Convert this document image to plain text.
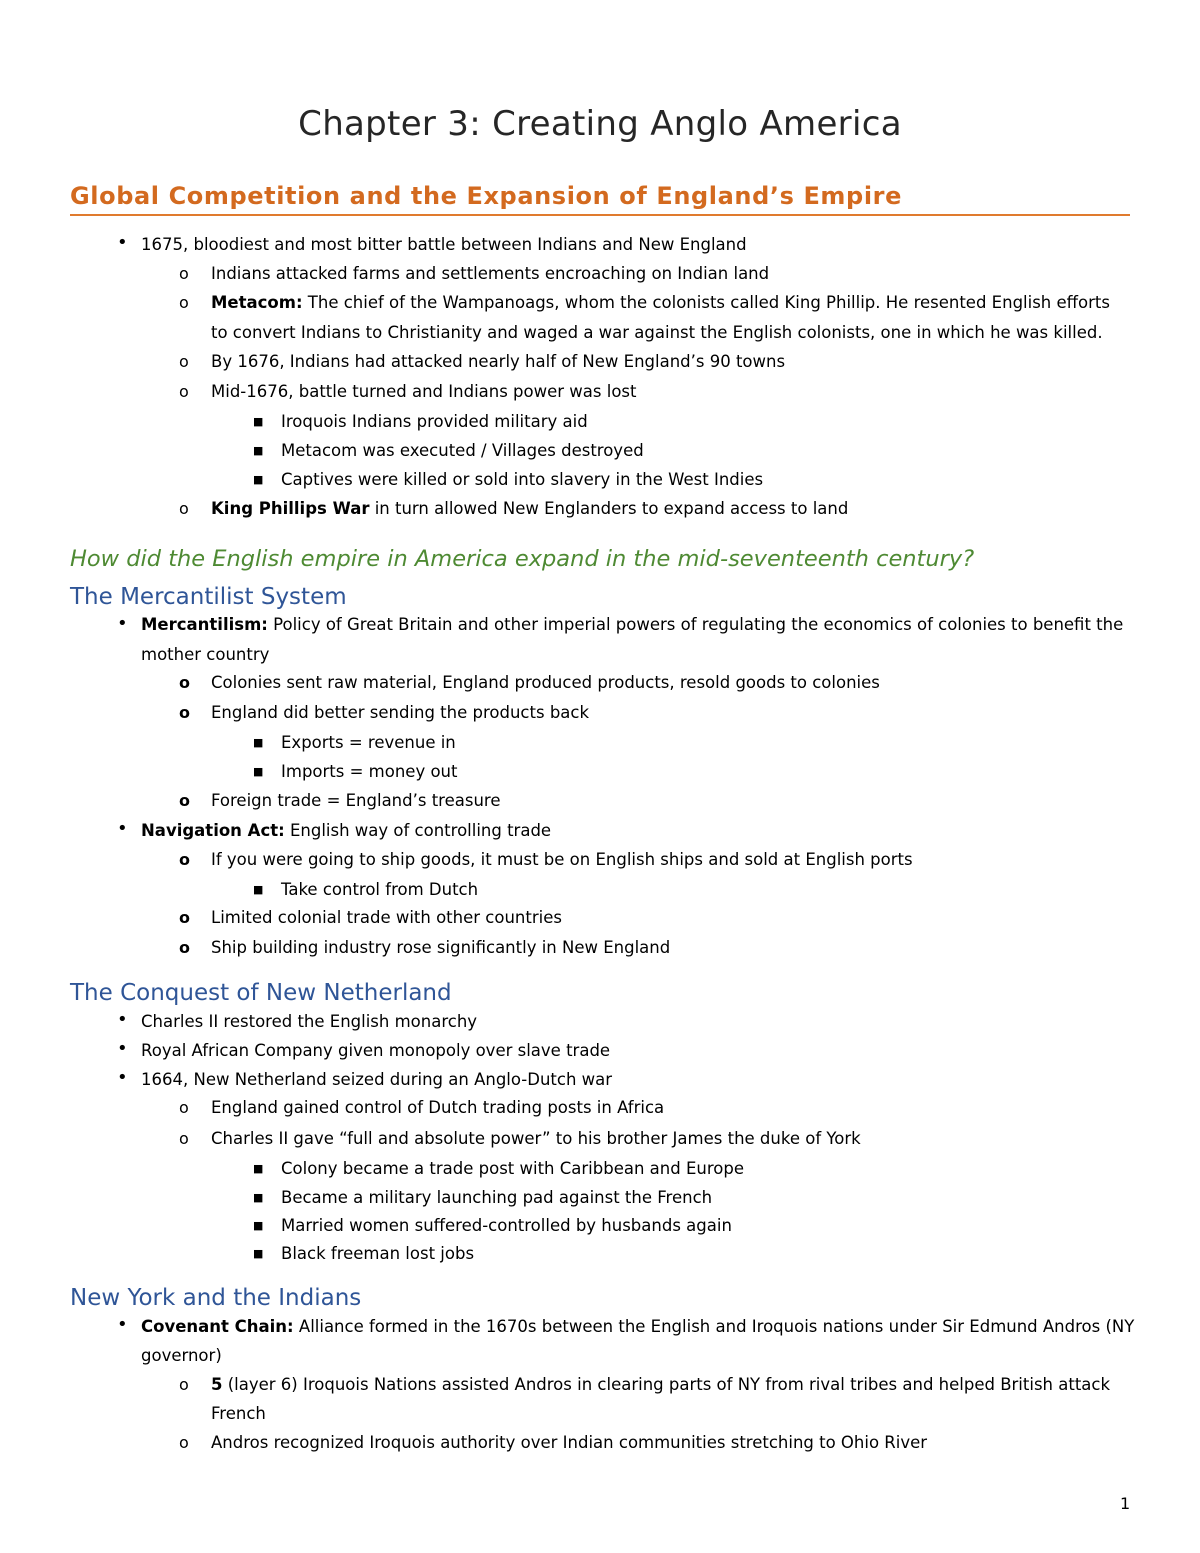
Chapter 3: Creating Anglo America
Global Competition and the Expansion of England’s Empire
• 1675, bloodiest and most bitter battle between Indians and New England
o Indians attacked farms and settlements encroaching on Indian land
o Metacom: The chief of the Wampanoags, whom the colonists called King Phillip. He resented English efforts
to convert Indians to Christianity and waged a war against the English colonists, one in which he was killed.
o By 1676, Indians had attacked nearly half of New England’s 90 towns
o Mid-1676, battle turned and Indians power was lost
■ Iroquois Indians provided military aid
■ Metacom was executed / Villages destroyed
■ Captives were killed or sold into slavery in the West Indies
o King Phillips War in turn allowed New Englanders to expand access to land
How did the English empire in America expand in the mid-seventeenth century?
The Mercantilist System
• Mercantilism: Policy of Great Britain and other imperial powers of regulating the economics of colonies to benefit the
mother country
o Colonies sent raw material, England produced products, resold goods to colonies
o England did better sending the products back
■ Exports = revenue in
■ Imports = money out
o Foreign trade = England’s treasure
• Navigation Act: English way of controlling trade
o If you were going to ship goods, it must be on English ships and sold at English ports
■ Take control from Dutch
o Limited colonial trade with other countries
o Ship building industry rose significantly in New England
The Conquest of New Netherland
• Charles II restored the English monarchy
• Royal African Company given monopoly over slave trade
• 1664, New Netherland seized during an Anglo-Dutch war
o England gained control of Dutch trading posts in Africa
o Charles II gave “full and absolute power” to his brother James the duke of York
■ Colony became a trade post with Caribbean and Europe
■ Became a military launching pad against the French
■ Married women suffered-controlled by husbands again
■ Black freeman lost jobs
New York and the Indians
• Covenant Chain: Alliance formed in the 1670s between the English and Iroquois nations under Sir Edmund Andros (NY
governor)
o 5 (layer 6) Iroquois Nations assisted Andros in clearing parts of NY from rival tribes and helped British attack
French
o Andros recognized Iroquois authority over Indian communities stretching to Ohio River
1
